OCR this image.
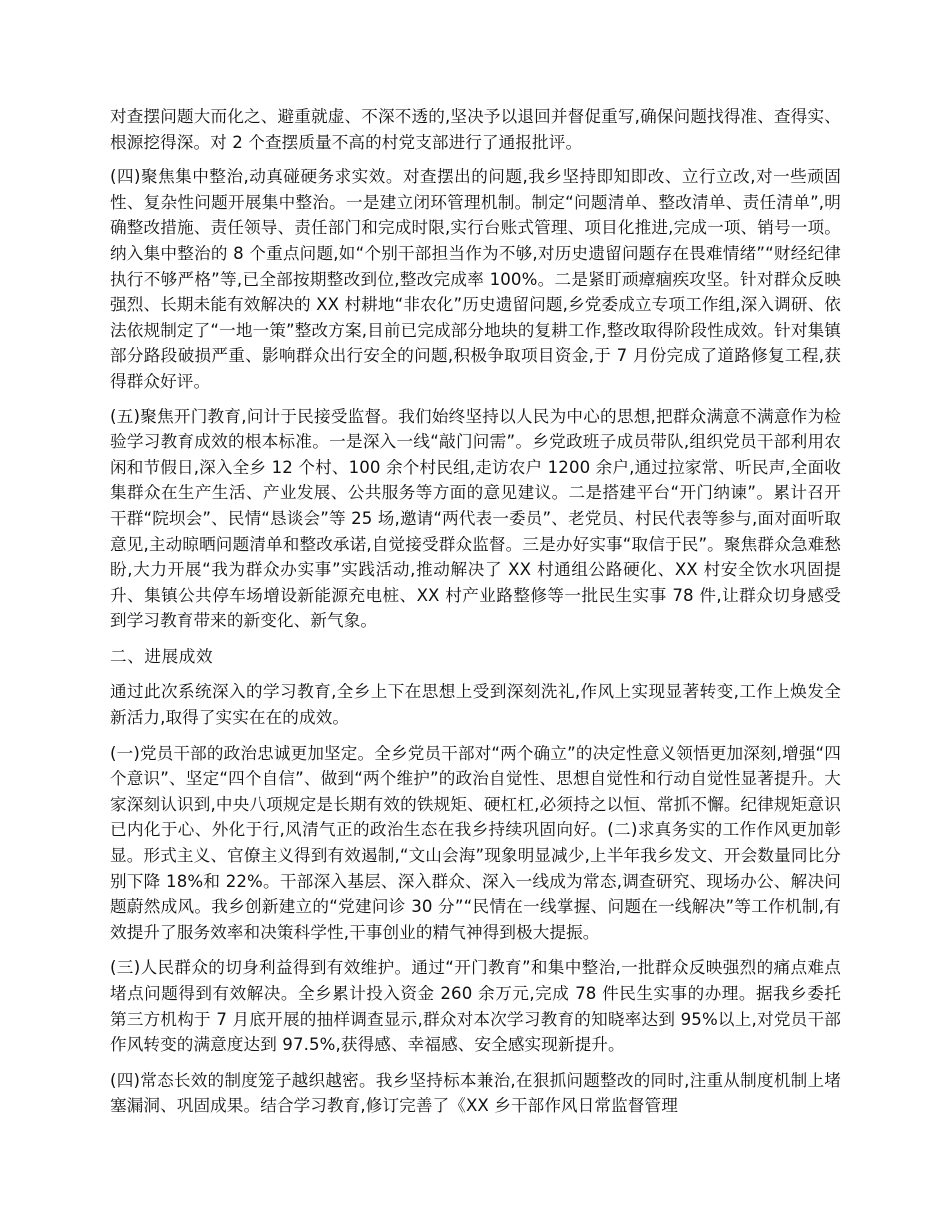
对查摆问题大而化之、避重就虚、不深不透的,坚决予以退回并督促重写,确保问题找得准、查得实、根源挖得深。对 2 个查摆质量不高的村党支部进行了通报批评。

(四)聚焦集中整治,动真碰硬务求实效。对查摆出的问题,我乡坚持即知即改、立行立改,对一些顽固性、复杂性问题开展集中整治。一是建立闭环管理机制。制定“问题清单、整改清单、责任清单”,明确整改措施、责任领导、责任部门和完成时限,实行台账式管理、项目化推进,完成一项、销号一项。纳入集中整治的 8 个重点问题,如“个别干部担当作为不够,对历史遗留问题存在畏难情绪”“财经纪律执行不够严格”等,已全部按期整改到位,整改完成率 100%。二是紧盯顽瘴痼疾攻坚。针对群众反映强烈、长期未能有效解决的 XX 村耕地“非农化”历史遗留问题,乡党委成立专项工作组,深入调研、依法依规制定了“一地一策”整改方案,目前已完成部分地块的复耕工作,整改取得阶段性成效。针对集镇部分路段破损严重、影响群众出行安全的问题,积极争取项目资金,于 7 月份完成了道路修复工程,获得群众好评。

(五)聚焦开门教育,问计于民接受监督。我们始终坚持以人民为中心的思想,把群众满意不满意作为检验学习教育成效的根本标准。一是深入一线“敲门问需”。乡党政班子成员带队,组织党员干部利用农闲和节假日,深入全乡 12 个村、100 余个村民组,走访农户 1200 余户,通过拉家常、听民声,全面收集群众在生产生活、产业发展、公共服务等方面的意见建议。二是搭建平台“开门纳谏”。累计召开干群“院坝会”、民情“恳谈会”等 25 场,邀请“两代表一委员”、老党员、村民代表等参与,面对面听取意见,主动晾晒问题清单和整改承诺,自觉接受群众监督。三是办好实事“取信于民”。聚焦群众急难愁盼,大力开展“我为群众办实事”实践活动,推动解决了 XX 村通组公路硬化、XX 村安全饮水巩固提升、集镇公共停车场增设新能源充电桩、XX 村产业路整修等一批民生实事 78 件,让群众切身感受到学习教育带来的新变化、新气象。

二、进展成效

通过此次系统深入的学习教育,全乡上下在思想上受到深刻洗礼,作风上实现显著转变,工作上焕发全新活力,取得了实实在在的成效。

(一)党员干部的政治忠诚更加坚定。全乡党员干部对“两个确立”的决定性意义领悟更加深刻,增强“四个意识”、坚定“四个自信”、做到“两个维护”的政治自觉性、思想自觉性和行动自觉性显著提升。大家深刻认识到,中央八项规定是长期有效的铁规矩、硬杠杠,必须持之以恒、常抓不懈。纪律规矩意识已内化于心、外化于行,风清气正的政治生态在我乡持续巩固向好。(二)求真务实的工作作风更加彰显。形式主义、官僚主义得到有效遏制,“文山会海”现象明显减少,上半年我乡发文、开会数量同比分别下降 18%和 22%。干部深入基层、深入群众、深入一线成为常态,调查研究、现场办公、解决问题蔚然成风。我乡创新建立的“党建问诊 30 分”“民情在一线掌握、问题在一线解决”等工作机制,有效提升了服务效率和决策科学性,干事创业的精气神得到极大提振。

(三)人民群众的切身利益得到有效维护。通过“开门教育”和集中整治,一批群众反映强烈的痛点难点堵点问题得到有效解决。全乡累计投入资金 260 余万元,完成 78 件民生实事的办理。据我乡委托第三方机构于 7 月底开展的抽样调查显示,群众对本次学习教育的知晓率达到 95%以上,对党员干部作风转变的满意度达到 97.5%,获得感、幸福感、安全感实现新提升。

(四)常态长效的制度笼子越织越密。我乡坚持标本兼治,在狠抓问题整改的同时,注重从制度机制上堵塞漏洞、巩固成果。结合学习教育,修订完善了《XX 乡干部作风日常监督管理
